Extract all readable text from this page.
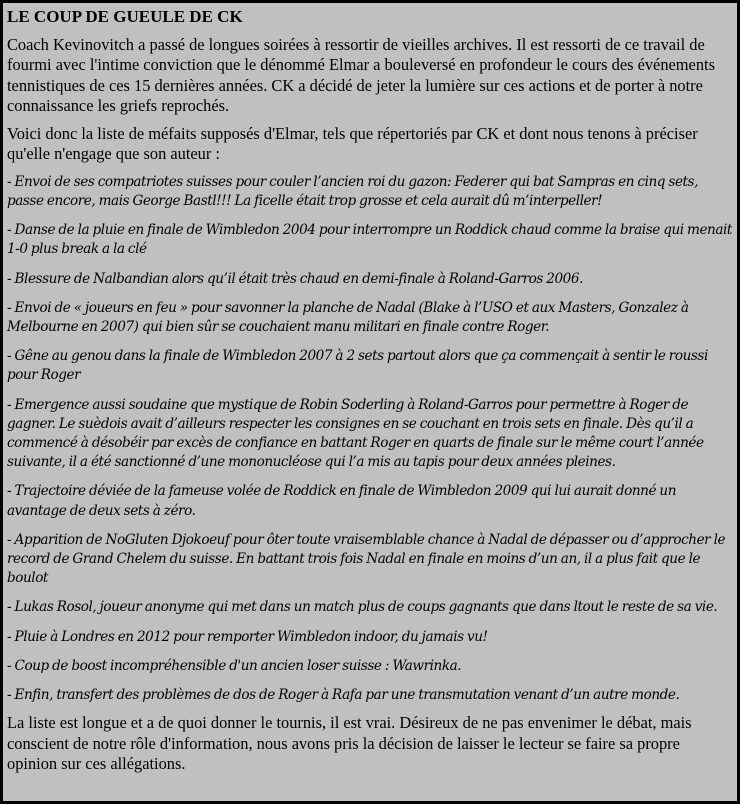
LE COUP DE GUEULE DE CK

Coach Kevinovitch a passé de longues soirées à ressortir de vieilles archives. Il est ressorti de ce travail de fourmi avec l'intime conviction que le dénommé Elmar a bouleversé en profondeur le cours des événements tennistiques de ces 15 dernières années. CK a décidé de jeter la lumière sur ces actions et de porter à notre connaissance les griefs reprochés.

Voici donc la liste de méfaits supposés d'Elmar, tels que répertoriés par CK et dont nous tenons à préciser qu'elle n'engage que son auteur :

- Envoi de ses compatriotes suisses pour couler l’ancien roi du gazon: Federer qui bat Sampras en cinq sets, passe encore, mais George Bastl!!! La ficelle était trop grosse et cela aurait dû m’interpeller!

- Danse de la pluie en finale de Wimbledon 2004 pour interrompre un Roddick chaud comme la braise qui menait 1-0 plus break a la clé

- Blessure de Nalbandian alors qu’il était très chaud en demi-finale à Roland-Garros 2006.

- Envoi de « joueurs en feu » pour savonner la planche de Nadal (Blake à l’USO et aux Masters, Gonzalez à Melbourne en 2007) qui bien sûr se couchaient manu militari en finale contre Roger.

- Gêne au genou dans la finale de Wimbledon 2007 à 2 sets partout alors que ça commençait à sentir le roussi pour Roger

- Emergence aussi soudaine que mystique de Robin Soderling à Roland-Garros pour permettre à Roger de gagner. Le suèdois avait d’ailleurs respecter les consignes en se couchant en trois sets en finale. Dès qu’il a commencé à désobéir par excès de confiance en battant Roger en quarts de finale sur le même court l’année suivante, il a été sanctionné d’une mononucléose qui l’a mis au tapis pour deux années pleines.

- Trajectoire déviée de la fameuse volée de Roddick en finale de Wimbledon 2009 qui lui aurait donné un avantage de deux sets à zéro.

- Apparition de NoGluten Djokoeuf pour ôter toute vraisemblable chance à Nadal de dépasser ou d’approcher le record de Grand Chelem du suisse. En battant trois fois Nadal en finale en moins d’un an, il a plus fait que le boulot

- Lukas Rosol, joueur anonyme qui met dans un match plus de coups gagnants que dans ltout le reste de sa vie.

- Pluie à Londres en 2012 pour remporter Wimbledon indoor, du jamais vu!

- Coup de boost incompréhensible d'un ancien loser suisse : Wawrinka.

- Enfin, transfert des problèmes de dos de Roger à Rafa par une transmutation venant d’un autre monde.

La liste est longue et a de quoi donner le tournis, il est vrai. Désireux de ne pas envenimer le débat, mais conscient de notre rôle d'information, nous avons pris la décision de laisser le lecteur se faire sa propre opinion sur ces allégations.
